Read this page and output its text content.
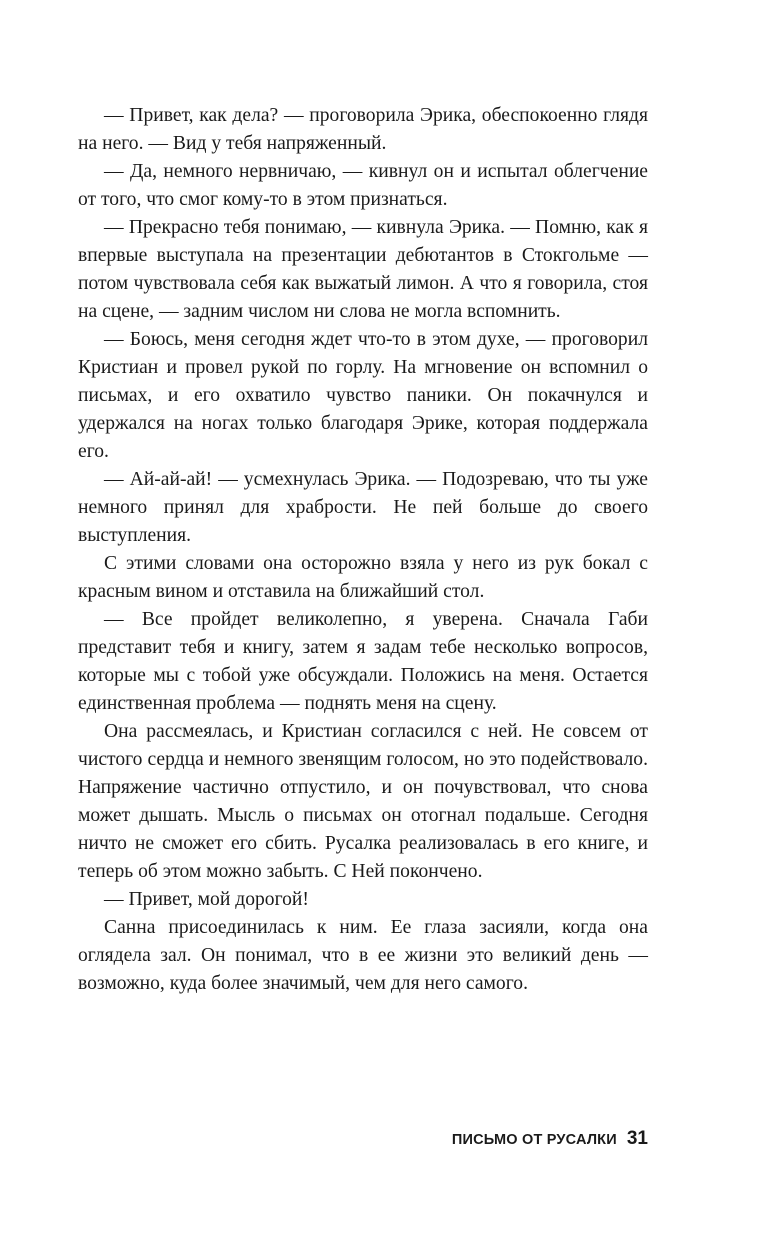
— Привет, как дела? — проговорила Эрика, обеспокоенно глядя на него. — Вид у тебя напряженный.

— Да, немного нервничаю, — кивнул он и испытал облегчение от того, что смог кому-то в этом признаться.

— Прекрасно тебя понимаю, — кивнула Эрика. — Помню, как я впервые выступала на презентации дебютантов в Стокгольме — потом чувствовала себя как выжатый лимон. А что я говорила, стоя на сцене, — задним числом ни слова не могла вспомнить.

— Боюсь, меня сегодня ждет что-то в этом духе, — проговорил Кристиан и провел рукой по горлу. На мгновение он вспомнил о письмах, и его охватило чувство паники. Он покачнулся и удержался на ногах только благодаря Эрике, которая поддержала его.

— Ай-ай-ай! — усмехнулась Эрика. — Подозреваю, что ты уже немного принял для храбрости. Не пей больше до своего выступления.

С этими словами она осторожно взяла у него из рук бокал с красным вином и отставила на ближайший стол.

— Все пройдет великолепно, я уверена. Сначала Габи представит тебя и книгу, затем я задам тебе несколько вопросов, которые мы с тобой уже обсуждали. Положись на меня. Остается единственная проблема — поднять меня на сцену.

Она рассмеялась, и Кристиан согласился с ней. Не совсем от чистого сердца и немного звенящим голосом, но это подействовало. Напряжение частично отпустило, и он почувствовал, что снова может дышать. Мысль о письмах он отогнал подальше. Сегодня ничто не сможет его сбить. Русалка реализовалась в его книге, и теперь об этом можно забыть. С Ней покончено.

— Привет, мой дорогой!

Санна присоединилась к ним. Ее глаза засияли, когда она оглядела зал. Он понимал, что в ее жизни это великий день — возможно, куда более значимый, чем для него самого.

ПИСЬМО ОТ РУСАЛКИ 31
